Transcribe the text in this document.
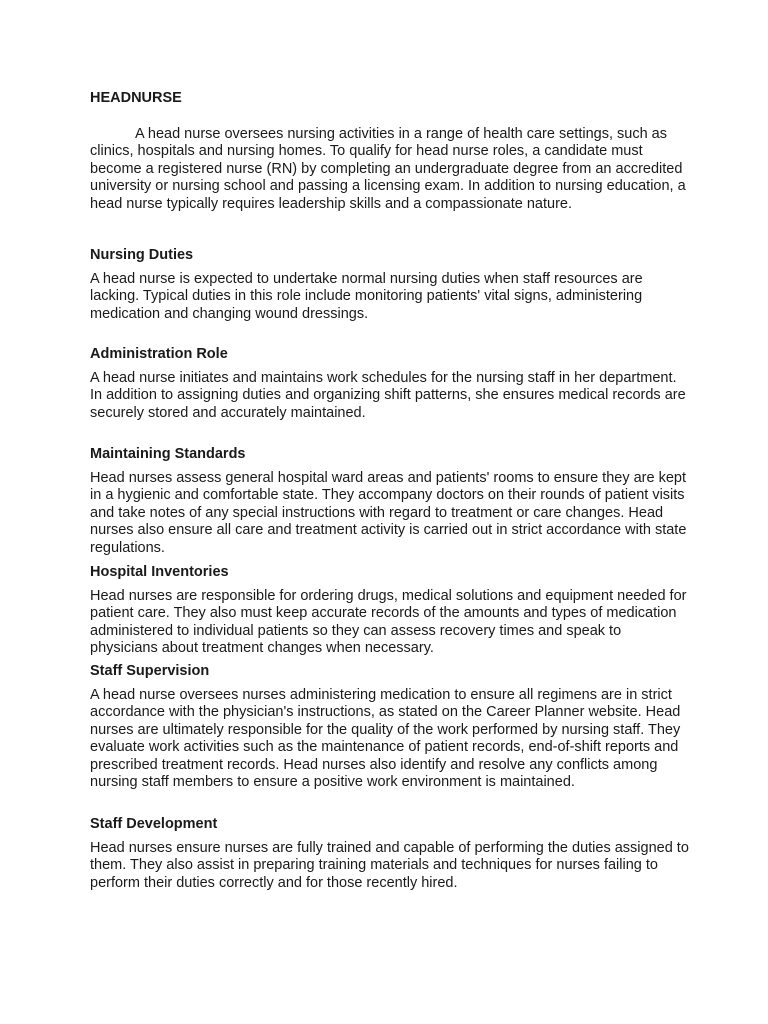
HEADNURSE

A head nurse oversees nursing activities in a range of health care settings, such as clinics, hospitals and nursing homes. To qualify for head nurse roles, a candidate must become a registered nurse (RN) by completing an undergraduate degree from an accredited university or nursing school and passing a licensing exam. In addition to nursing education, a head nurse typically requires leadership skills and a compassionate nature.

Nursing Duties

A head nurse is expected to undertake normal nursing duties when staff resources are lacking. Typical duties in this role include monitoring patients' vital signs, administering medication and changing wound dressings.

Administration Role

A head nurse initiates and maintains work schedules for the nursing staff in her department. In addition to assigning duties and organizing shift patterns, she ensures medical records are securely stored and accurately maintained.

Maintaining Standards

Head nurses assess general hospital ward areas and patients' rooms to ensure they are kept in a hygienic and comfortable state. They accompany doctors on their rounds of patient visits and take notes of any special instructions with regard to treatment or care changes. Head nurses also ensure all care and treatment activity is carried out in strict accordance with state regulations.

Hospital Inventories

Head nurses are responsible for ordering drugs, medical solutions and equipment needed for patient care. They also must keep accurate records of the amounts and types of medication administered to individual patients so they can assess recovery times and speak to physicians about treatment changes when necessary.

Staff Supervision

A head nurse oversees nurses administering medication to ensure all regimens are in strict accordance with the physician's instructions, as stated on the Career Planner website. Head nurses are ultimately responsible for the quality of the work performed by nursing staff. They evaluate work activities such as the maintenance of patient records, end-of-shift reports and prescribed treatment records. Head nurses also identify and resolve any conflicts among nursing staff members to ensure a positive work environment is maintained.

Staff Development

Head nurses ensure nurses are fully trained and capable of performing the duties assigned to them. They also assist in preparing training materials and techniques for nurses failing to perform their duties correctly and for those recently hired.
